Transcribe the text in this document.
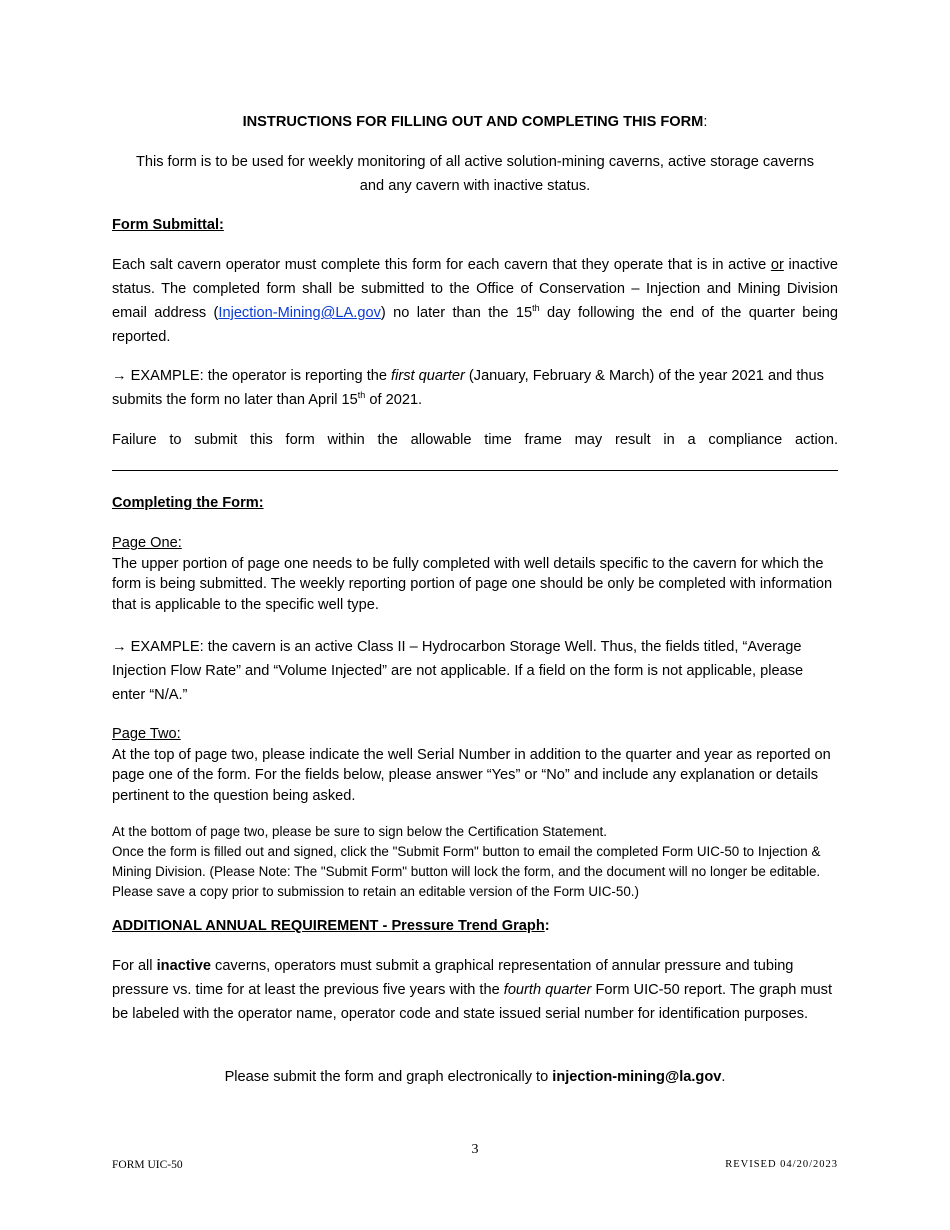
INSTRUCTIONS FOR FILLING OUT AND COMPLETING THIS FORM:

This form is to be used for weekly monitoring of all active solution-mining caverns, active storage caverns and any cavern with inactive status.

Form Submittal:

Each salt cavern operator must complete this form for each cavern that they operate that is in active or inactive status. The completed form shall be submitted to the Office of Conservation – Injection and Mining Division email address (Injection-Mining@LA.gov) no later than the 15th day following the end of the quarter being reported.

→ EXAMPLE: the operator is reporting the first quarter (January, February & March) of the year 2021 and thus submits the form no later than April 15th of 2021.

Failure to submit this form within the allowable time frame may result in a compliance action.

Completing the Form:

Page One:
The upper portion of page one needs to be fully completed with well details specific to the cavern for which the form is being submitted. The weekly reporting portion of page one should be only be completed with information that is applicable to the specific well type.

→ EXAMPLE: the cavern is an active Class II – Hydrocarbon Storage Well. Thus, the fields titled, “Average Injection Flow Rate” and “Volume Injected” are not applicable. If a field on the form is not applicable, please enter “N/A.”

Page Two:
At the top of page two, please indicate the well Serial Number in addition to the quarter and year as reported on page one of the form. For the fields below, please answer “Yes” or “No” and include any explanation or details pertinent to the question being asked.
At the bottom of page two, please be sure to sign below the Certification Statement.
Once the form is filled out and signed, click the "Submit Form" button to email the completed Form UIC-50 to Injection & Mining Division. (Please Note: The "Submit Form" button will lock the form, and the document will no longer be editable. Please save a copy prior to submission to retain an editable version of the Form UIC-50.)

ADDITIONAL ANNUAL REQUIREMENT - Pressure Trend Graph:

For all inactive caverns, operators must submit a graphical representation of annular pressure and tubing pressure vs. time for at least the previous five years with the fourth quarter Form UIC-50 report. The graph must be labeled with the operator name, operator code and state issued serial number for identification purposes.

Please submit the form and graph electronically to injection-mining@la.gov.

3
FORM UIC-50	REVISED 04/20/2023
